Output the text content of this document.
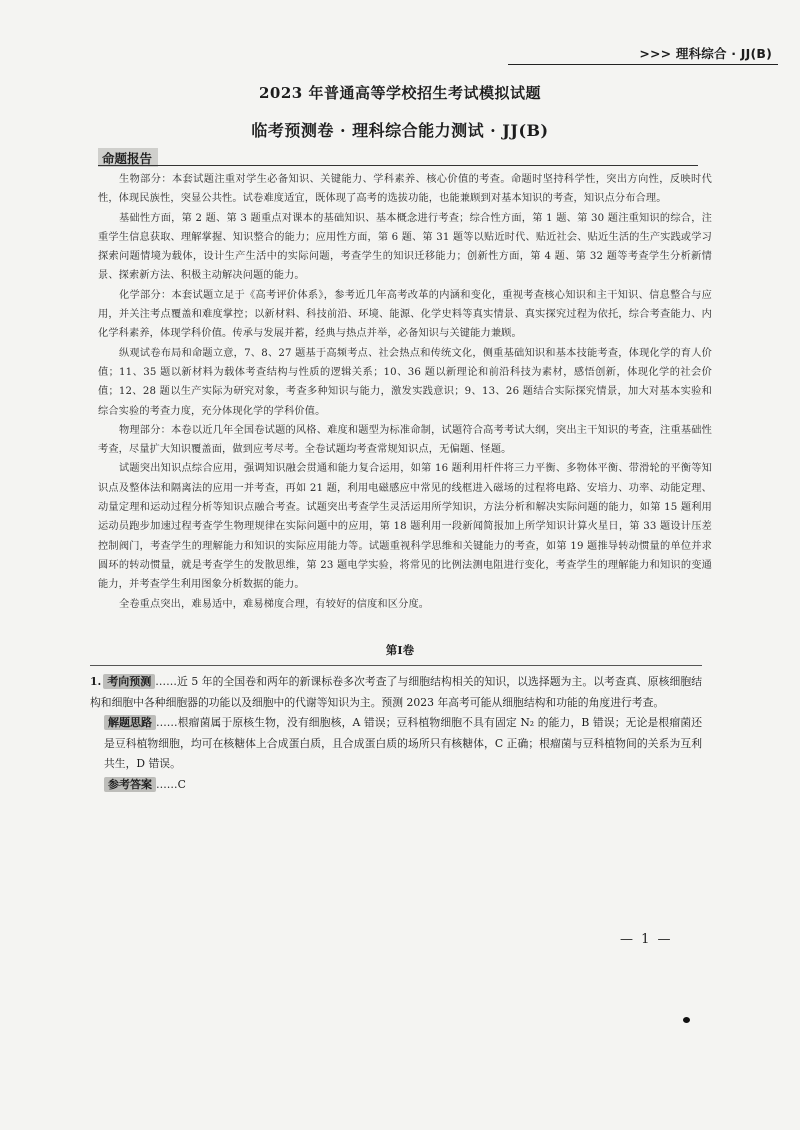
>>> 理科综合 · JJ(B)
2023 年普通高等学校招生考试模拟试题
临考预测卷 · 理科综合能力测试 · JJ(B)
命题报告

生物部分：本套试题注重对学生必备知识、关键能力、学科素养、核心价值的考查。命题时坚持科学性，突出方向性，反映时代性，体现民族性，突显公共性。试卷难度适宜，既体现了高考的选拔功能，也能兼顾到对基本知识的考查，知识点分布合理。

基础性方面，第 2 题、第 3 题重点对课本的基础知识、基本概念进行考查；综合性方面，第 1 题、第 30 题注重知识的综合，注重学生信息获取、理解掌握、知识整合的能力；应用性方面，第 6 题、第 31 题等以贴近时代、贴近社会、贴近生活的生产实践或学习探索问题情境为载体，设计生产生活中的实际问题，考查学生的知识迁移能力；创新性方面，第 4 题、第 32 题等考查学生分析新情景、探索新方法、积极主动解决问题的能力。

化学部分：本套试题立足于《高考评价体系》，参考近几年高考改革的内涵和变化，重视考查核心知识和主干知识、信息整合与应用，并关注考点覆盖和难度掌控；以新材料、科技前沿、环境、能源、化学史料等真实情景、真实探究过程为依托，综合考查能力、内化学科素养，体现学科价值。传承与发展并蓄，经典与热点并举，必备知识与关键能力兼顾。

纵观试卷布局和命题立意，7、8、27 题基于高频考点、社会热点和传统文化，侧重基础知识和基本技能考查，体现化学的育人价值；11、35 题以新材料为载体考查结构与性质的逻辑关系；10、36 题以新理论和前沿科技为素材，感悟创新，体现化学的社会价值；12、28 题以生产实际为研究对象，考查多种知识与能力，激发实践意识；9、13、26 题结合实际探究情景，加大对基本实验和综合实验的考查力度，充分体现化学的学科价值。

物理部分：本卷以近几年全国卷试题的风格、难度和题型为标准命制，试题符合高考考试大纲，突出主干知识的考查，注重基础性考查，尽量扩大知识覆盖面，做到应考尽考。全卷试题均考查常规知识点，无偏题、怪题。

试题突出知识点综合应用，强调知识融会贯通和能力复合运用，如第 16 题利用杆件将三力平衡、多物体平衡、带滑轮的平衡等知识点及整体法和隔离法的应用一并考查，再如 21 题，利用电磁感应中常见的线框进入磁场的过程将电路、安培力、功率、动能定理、动量定理和运动过程分析等知识点融合考查。试题突出考查学生灵活运用所学知识，方法分析和解决实际问题的能力，如第 15 题利用运动员跑步加速过程考查学生物理规律在实际问题中的应用，第 18 题利用一段新闻简报加上所学知识计算火星日，第 33 题设计压差控制阀门，考查学生的理解能力和知识的实际应用能力等。试题重视科学思维和关键能力的考查，如第 19 题推导转动惯量的单位并求圆环的转动惯量，就是考查学生的发散思维，第 23 题电学实验，将常见的比例法测电阻进行变化，考查学生的理解能力和知识的变通能力，并考查学生利用图象分析数据的能力。

全卷重点突出，难易适中，难易梯度合理，有较好的信度和区分度。

第Ⅰ卷

1. 考向预测 ……近 5 年的全国卷和两年的新课标卷多次考查了与细胞结构相关的知识，以选择题为主。以考查真、原核细胞结构和细胞中各种细胞器的功能以及细胞中的代谢等知识为主。预测 2023 年高考可能从细胞结构和功能的角度进行考查。

解题思路 ……根瘤菌属于原核生物，没有细胞核，A 错误；豆科植物细胞不具有固定 N₂ 的能力，B 错误；无论是根瘤菌还是豆科植物细胞，均可在核糖体上合成蛋白质，且合成蛋白质的场所只有核糖体，C 正确；根瘤菌与豆科植物间的关系为互利共生，D 错误。

参考答案 ……C

— 1 —
